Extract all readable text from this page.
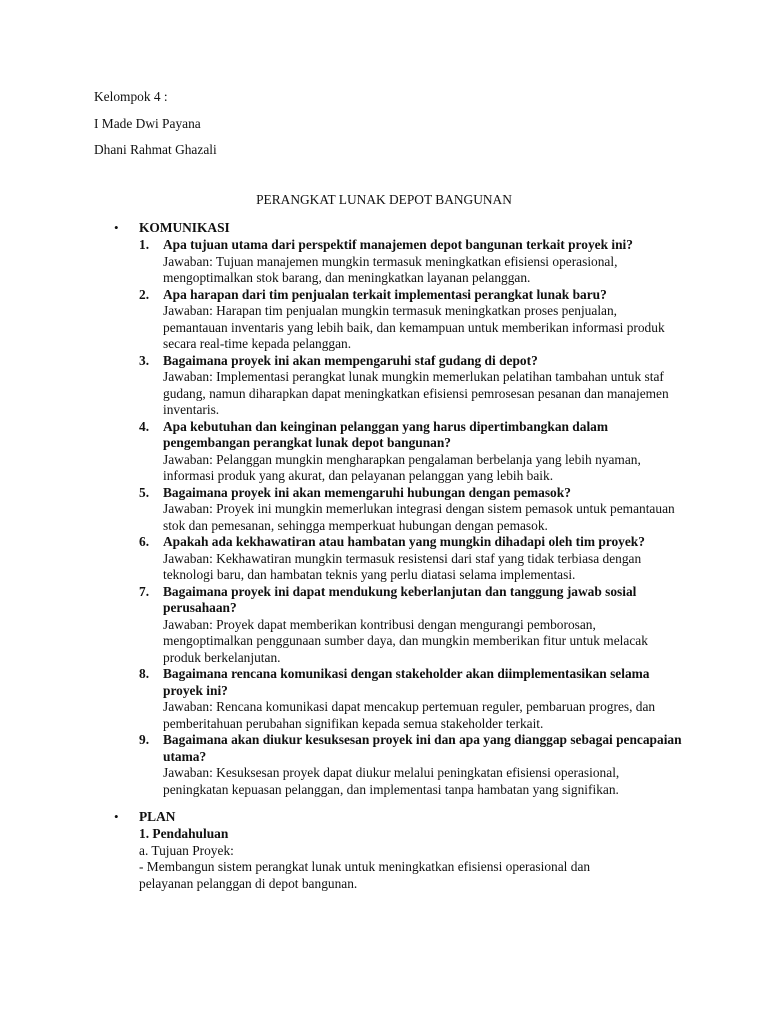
Kelompok 4 :
I Made Dwi Payana
Dhani Rahmat Ghazali
PERANGKAT LUNAK DEPOT BANGUNAN
• KOMUNIKASI
1. Apa tujuan utama dari perspektif manajemen depot bangunan terkait proyek ini?
Jawaban: Tujuan manajemen mungkin termasuk meningkatkan efisiensi operasional, mengoptimalkan stok barang, dan meningkatkan layanan pelanggan.
2. Apa harapan dari tim penjualan terkait implementasi perangkat lunak baru?
Jawaban: Harapan tim penjualan mungkin termasuk meningkatkan proses penjualan, pemantauan inventaris yang lebih baik, dan kemampuan untuk memberikan informasi produk secara real-time kepada pelanggan.
3. Bagaimana proyek ini akan mempengaruhi staf gudang di depot?
Jawaban: Implementasi perangkat lunak mungkin memerlukan pelatihan tambahan untuk staf gudang, namun diharapkan dapat meningkatkan efisiensi pemrosesan pesanan dan manajemen inventaris.
4. Apa kebutuhan dan keinginan pelanggan yang harus dipertimbangkan dalam pengembangan perangkat lunak depot bangunan?
Jawaban: Pelanggan mungkin mengharapkan pengalaman berbelanja yang lebih nyaman, informasi produk yang akurat, dan pelayanan pelanggan yang lebih baik.
5. Bagaimana proyek ini akan memengaruhi hubungan dengan pemasok?
Jawaban: Proyek ini mungkin memerlukan integrasi dengan sistem pemasok untuk pemantauan stok dan pemesanan, sehingga memperkuat hubungan dengan pemasok.
6. Apakah ada kekhawatiran atau hambatan yang mungkin dihadapi oleh tim proyek?
Jawaban: Kekhawatiran mungkin termasuk resistensi dari staf yang tidak terbiasa dengan teknologi baru, dan hambatan teknis yang perlu diatasi selama implementasi.
7. Bagaimana proyek ini dapat mendukung keberlanjutan dan tanggung jawab sosial perusahaan?
Jawaban: Proyek dapat memberikan kontribusi dengan mengurangi pemborosan, mengoptimalkan penggunaan sumber daya, dan mungkin memberikan fitur untuk melacak produk berkelanjutan.
8. Bagaimana rencana komunikasi dengan stakeholder akan diimplementasikan selama proyek ini?
Jawaban: Rencana komunikasi dapat mencakup pertemuan reguler, pembaruan progres, dan pemberitahuan perubahan signifikan kepada semua stakeholder terkait.
9. Bagaimana akan diukur kesuksesan proyek ini dan apa yang dianggap sebagai pencapaian utama?
Jawaban: Kesuksesan proyek dapat diukur melalui peningkatan efisiensi operasional, peningkatan kepuasan pelanggan, dan implementasi tanpa hambatan yang signifikan.
• PLAN
1. Pendahuluan
a. Tujuan Proyek:
- Membangun sistem perangkat lunak untuk meningkatkan efisiensi operasional dan pelayanan pelanggan di depot bangunan.
